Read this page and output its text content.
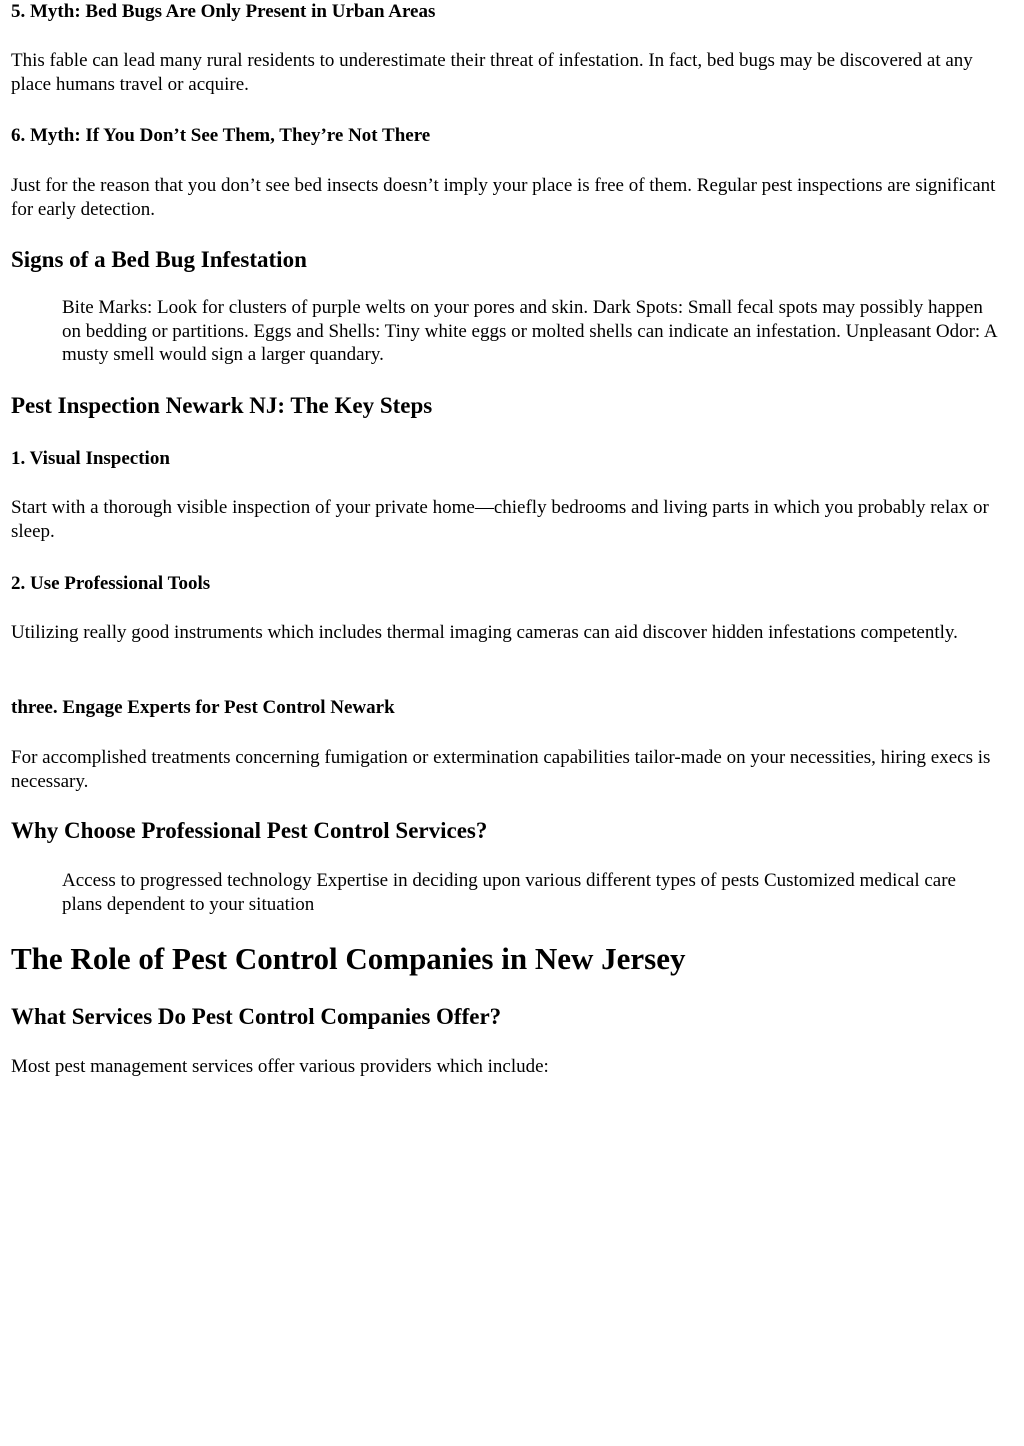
5. Myth: Bed Bugs Are Only Present in Urban Areas

This fable can lead many rural residents to underestimate their threat of infestation. In fact, bed bugs may be discovered at any place humans travel or acquire.

6. Myth: If You Don’t See Them, They’re Not There

Just for the reason that you don’t see bed insects doesn’t imply your place is free of them. Regular pest inspections are significant for early detection.

Signs of a Bed Bug Infestation
Bite Marks: Look for clusters of purple welts on your pores and skin. Dark Spots: Small fecal spots may possibly happen on bedding or partitions. Eggs and Shells: Tiny white eggs or molted shells can indicate an infestation. Unpleasant Odor: A musty smell would sign a larger quandary.
Pest Inspection Newark NJ: The Key Steps
1. Visual Inspection

Start with a thorough visible inspection of your private home—chiefly bedrooms and living parts in which you probably relax or sleep.

2. Use Professional Tools

Utilizing really good instruments which includes thermal imaging cameras can aid discover hidden infestations competently.

three. Engage Experts for Pest Control Newark

For accomplished treatments concerning fumigation or extermination capabilities tailor-made on your necessities, hiring execs is necessary.

Why Choose Professional Pest Control Services?
Access to progressed technology Expertise in deciding upon various different types of pests Customized medical care plans dependent to your situation
The Role of Pest Control Companies in New Jersey
What Services Do Pest Control Companies Offer?

Most pest management services offer various providers which include:
